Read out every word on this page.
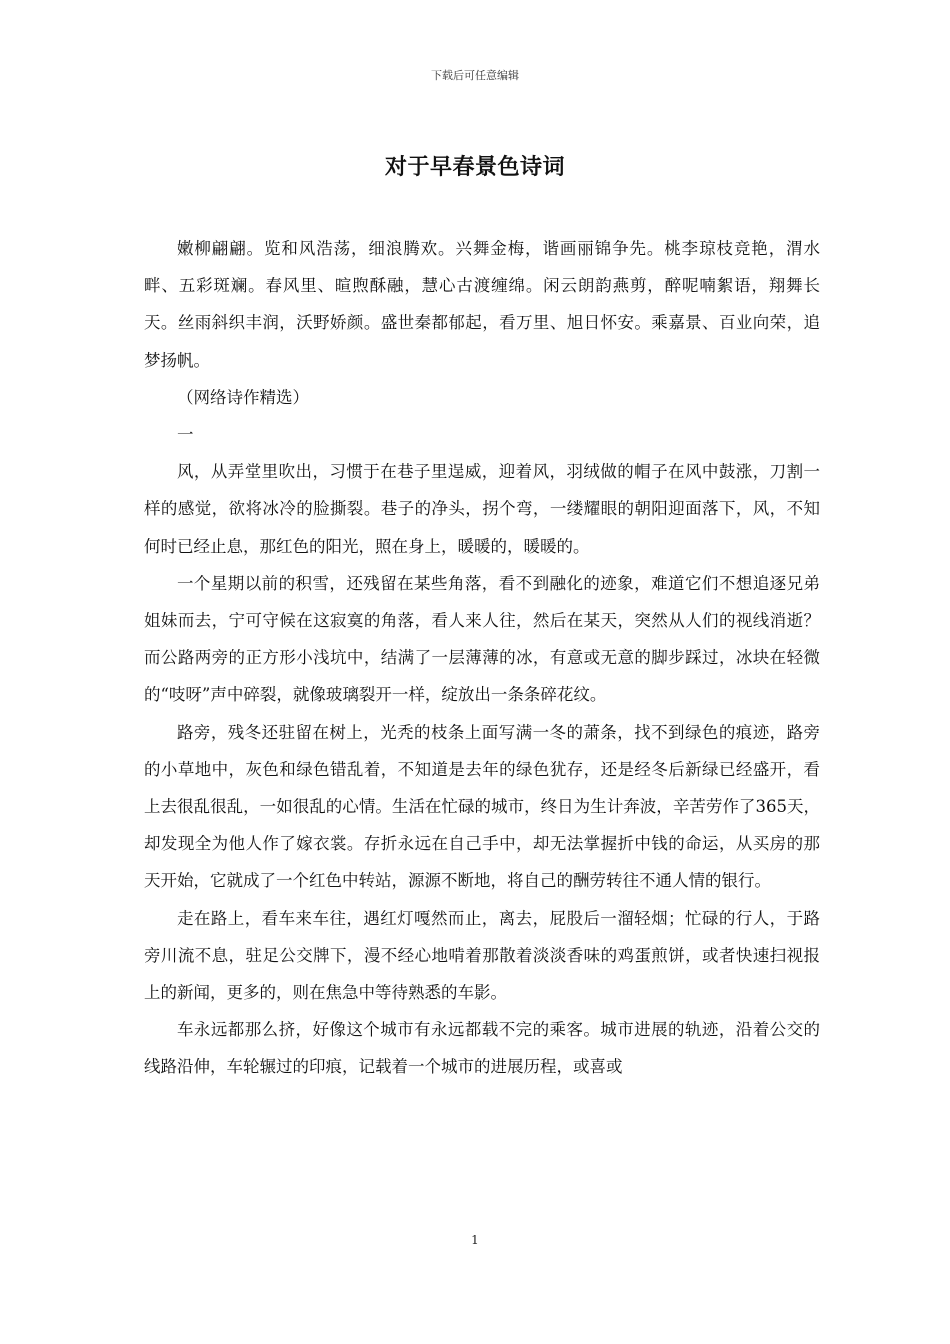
下载后可任意编辑
对于早春景色诗词

嫩柳翩翩。览和风浩荡，细浪腾欢。兴舞金梅，谐画丽锦争先。桃李琼枝竞艳，渭水畔、五彩斑斓。春风里、暄煦酥融，慧心古渡缠绵。闲云朗韵燕剪，醉呢喃絮语，翔舞长天。丝雨斜织丰润，沃野娇颜。盛世秦都郁起，看万里、旭日怀安。乘嘉景、百业向荣，追梦扬帆。

（网络诗作精选）

一

风，从弄堂里吹出，习惯于在巷子里逞威，迎着风，羽绒做的帽子在风中鼓涨，刀割一样的感觉，欲将冰冷的脸撕裂。巷子的净头，拐个弯，一缕耀眼的朝阳迎面落下，风，不知何时已经止息，那红色的阳光，照在身上，暖暖的，暖暖的。

一个星期以前的积雪，还残留在某些角落，看不到融化的迹象，难道它们不想追逐兄弟姐妹而去，宁可守候在这寂寞的角落，看人来人往，然后在某天，突然从人们的视线消逝？而公路两旁的正方形小浅坑中，结满了一层薄薄的冰，有意或无意的脚步踩过，冰块在轻微的“吱呀”声中碎裂，就像玻璃裂开一样，绽放出一条条碎花纹。

路旁，残冬还驻留在树上，光秃的枝条上面写满一冬的萧条，找不到绿色的痕迹，路旁的小草地中，灰色和绿色错乱着，不知道是去年的绿色犹存，还是经冬后新绿已经盛开，看上去很乱很乱，一如很乱的心情。生活在忙碌的城市，终日为生计奔波，辛苦劳作了365天，却发现全为他人作了嫁衣裳。存折永远在自己手中，却无法掌握折中钱的命运，从买房的那天开始，它就成了一个红色中转站，源源不断地，将自己的酬劳转往不通人情的银行。

走在路上，看车来车往，遇红灯嘎然而止，离去，屁股后一溜轻烟；忙碌的行人，于路旁川流不息，驻足公交牌下，漫不经心地啃着那散着淡淡香味的鸡蛋煎饼，或者快速扫视报上的新闻，更多的，则在焦急中等待熟悉的车影。

车永远都那么挤，好像这个城市有永远都载不完的乘客。城市进展的轨迹，沿着公交的线路沿伸，车轮辗过的印痕，记载着一个城市的进展历程，或喜或

1
